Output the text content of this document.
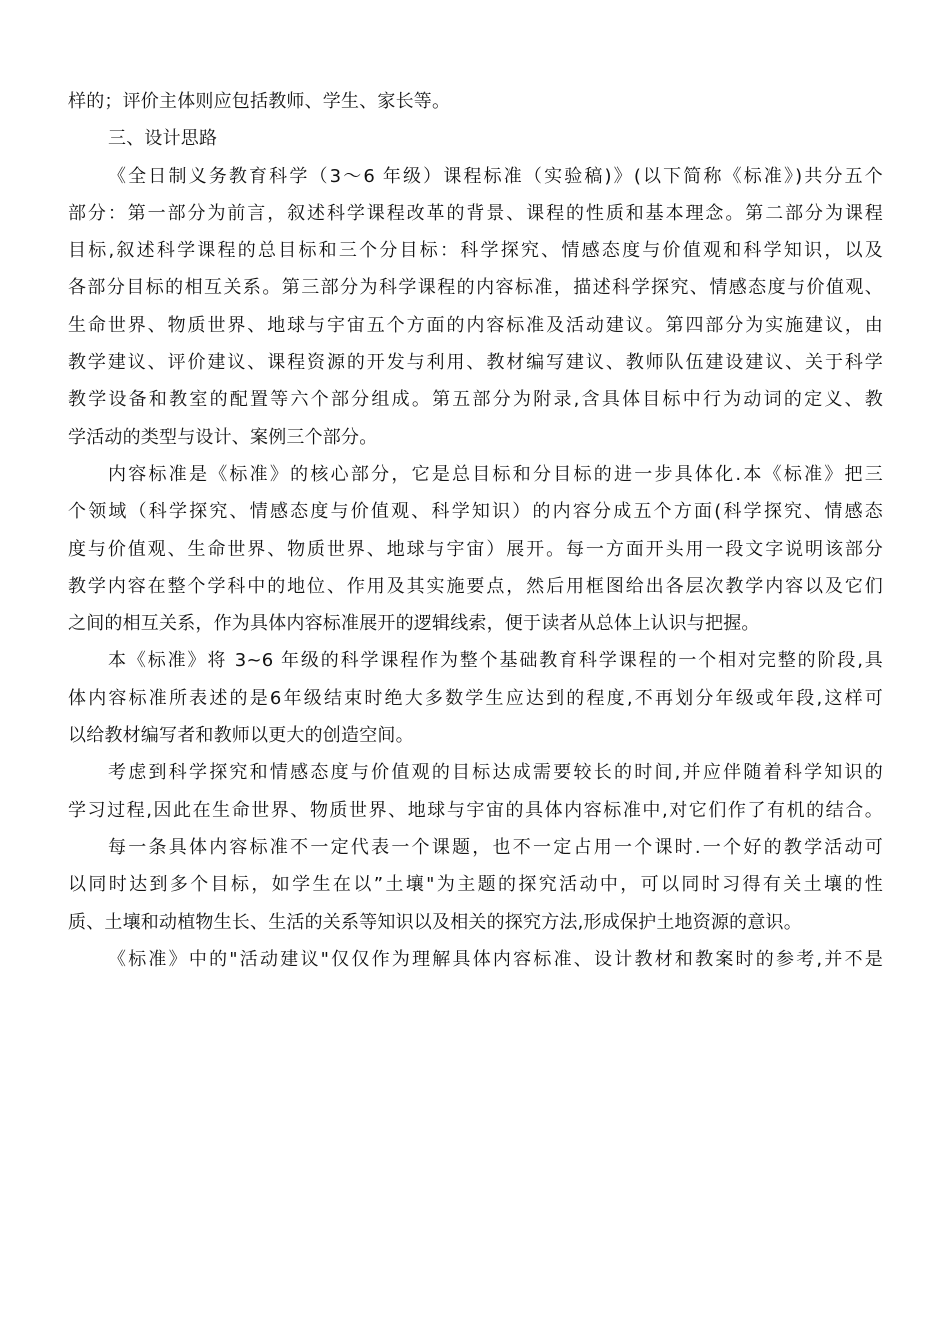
样的；评价主体则应包括教师、学生、家长等。
三、设计思路
《全日制义务教育科学（3～6 年级）课程标准（实验稿)》(以下简称《标准》)共分五个
部分：第一部分为前言，叙述科学课程改革的背景、课程的性质和基本理念。第二部分为课程
目标,叙述科学课程的总目标和三个分目标：科学探究、情感态度与价值观和科学知识，以及
各部分目标的相互关系。第三部分为科学课程的内容标准，描述科学探究、情感态度与价值观、
生命世界、物质世界、地球与宇宙五个方面的内容标准及活动建议。第四部分为实施建议，由
教学建议、评价建议、课程资源的开发与利用、教材编写建议、教师队伍建设建议、关于科学
教学设备和教室的配置等六个部分组成。第五部分为附录,含具体目标中行为动词的定义、教
学活动的类型与设计、案例三个部分。
内容标准是《标准》的核心部分，它是总目标和分目标的进一步具体化.本《标准》把三
个领域（科学探究、情感态度与价值观、科学知识）的内容分成五个方面(科学探究、情感态
度与价值观、生命世界、物质世界、地球与宇宙）展开。每一方面开头用一段文字说明该部分
教学内容在整个学科中的地位、作用及其实施要点，然后用框图给出各层次教学内容以及它们
之间的相互关系，作为具体内容标准展开的逻辑线索，便于读者从总体上认识与把握。
本《标准》将 3~6 年级的科学课程作为整个基础教育科学课程的一个相对完整的阶段,具
体内容标准所表述的是6年级结束时绝大多数学生应达到的程度,不再划分年级或年段,这样可
以给教材编写者和教师以更大的创造空间。
考虑到科学探究和情感态度与价值观的目标达成需要较长的时间,并应伴随着科学知识的
学习过程,因此在生命世界、物质世界、地球与宇宙的具体内容标准中,对它们作了有机的结合。
每一条具体内容标准不一定代表一个课题，也不一定占用一个课时.一个好的教学活动可
以同时达到多个目标，如学生在以”土壤"为主题的探究活动中，可以同时习得有关土壤的性
质、土壤和动植物生长、生活的关系等知识以及相关的探究方法,形成保护土地资源的意识。
《标准》中的"活动建议"仅仅作为理解具体内容标准、设计教材和教案时的参考,并不是
